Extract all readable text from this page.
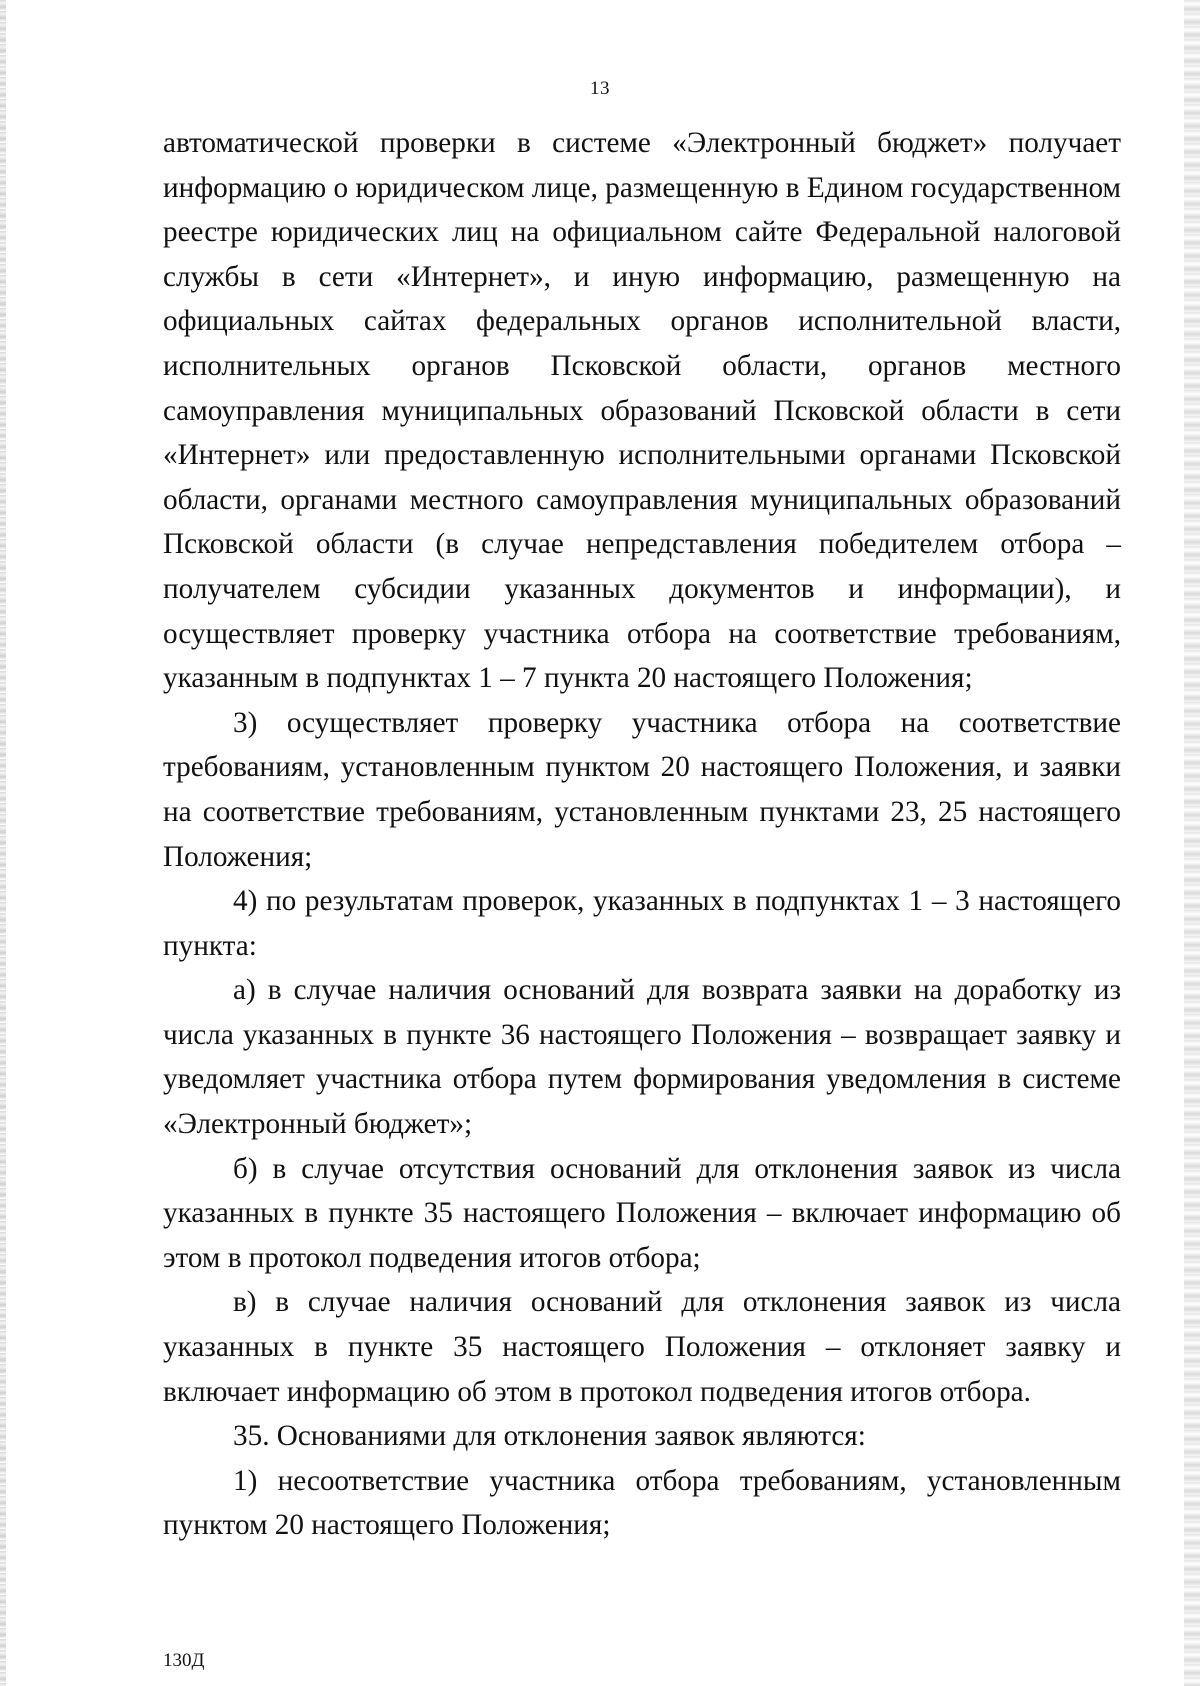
13

автоматической проверки в системе «Электронный бюджет» получает информацию о юридическом лице, размещенную в Едином государственном реестре юридических лиц на официальном сайте Федеральной налоговой службы в сети «Интернет», и иную информацию, размещенную на официальных сайтах федеральных органов исполнительной власти, исполнительных органов Псковской области, органов местного самоуправления муниципальных образований Псковской области в сети «Интернет» или предоставленную исполнительными органами Псковской области, органами местного самоуправления муниципальных образований Псковской области (в случае непредставления победителем отбора – получателем субсидии указанных документов и информации), и осуществляет проверку участника отбора на соответствие требованиям, указанным в подпунктах 1 – 7 пункта 20 настоящего Положения;

3) осуществляет проверку участника отбора на соответствие требованиям, установленным пунктом 20 настоящего Положения, и заявки на соответствие требованиям, установленным пунктами 23, 25 настоящего Положения;

4) по результатам проверок, указанных в подпунктах 1 – 3 настоящего пункта:

а) в случае наличия оснований для возврата заявки на доработку из числа указанных в пункте 36 настоящего Положения – возвращает заявку и уведомляет участника отбора путем формирования уведомления в системе «Электронный бюджет»;

б) в случае отсутствия оснований для отклонения заявок из числа указанных в пункте 35 настоящего Положения – включает информацию об этом в протокол подведения итогов отбора;

в) в случае наличия оснований для отклонения заявок из числа указанных в пункте 35 настоящего Положения – отклоняет заявку и включает информацию об этом в протокол подведения итогов отбора.

35. Основаниями для отклонения заявок являются:

1) несоответствие участника отбора требованиям, установленным пунктом 20 настоящего Положения;

130Д
